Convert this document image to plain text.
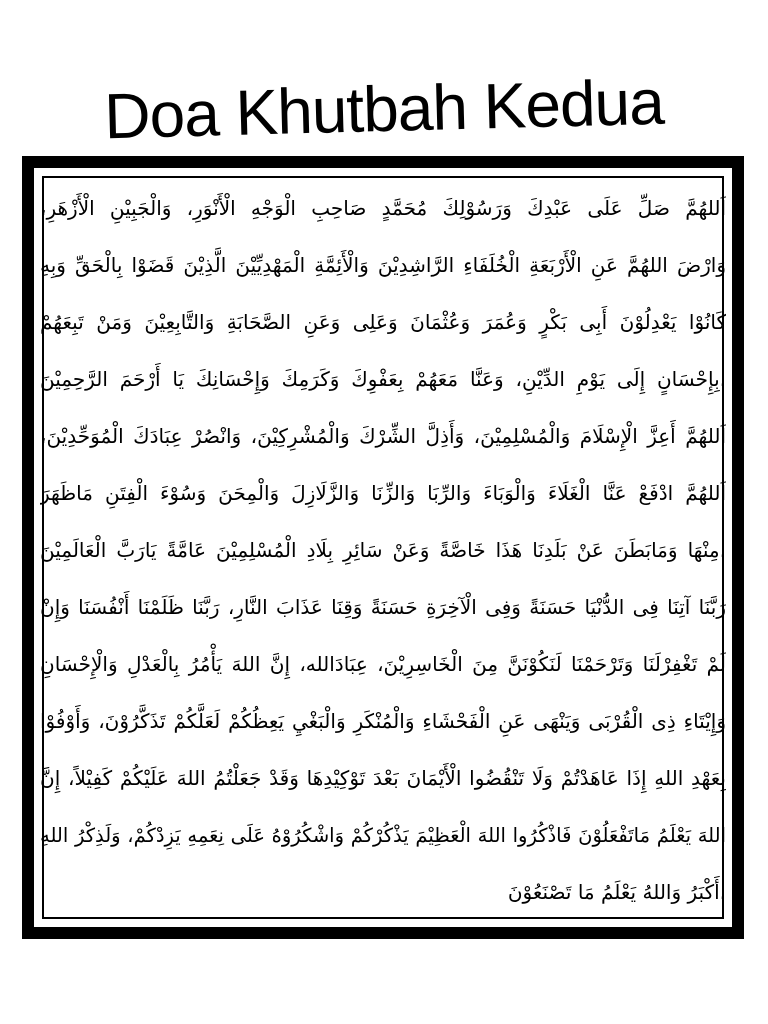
Doa Khutbah Kedua
اَللهُمَّ صَلِّ عَلَى عَبْدِكَ وَرَسُوْلِكَ مُحَمَّدٍ صَاحِبِ الْوَجْهِ الْأَنْوَرِ، وَالْجَبِيْنِ الْأَزْهَرِ،
وَارْضَ اللهُمَّ عَنِ الْأَرْبَعَةِ الْخُلَفَاءِ الرَّاشِدِيْنَ وَالْأَئِمَّةِ الْمَهْدِيِّيْنَ الَّذِيْنَ قَضَوْا بِالْحَقِّ وَبِهِ
كَانُوْا يَعْدِلُوْنَ أَبِى بَكْرٍ وَعُمَرَ وَعُثْمَانَ وَعَلِى وَعَنِ الصَّحَابَةِ وَالتَّابِعِيْنَ وَمَنْ تَبِعَهُمْ
.بِإِحْسَانٍ إِلَى يَوْمِ الدِّيْنِ، وَعَنَّا مَعَهُمْ بِعَفْوِكَ وَكَرَمِكَ وَإِحْسَانِكَ يَا أَرْحَمَ الرَّحِمِيْنَ
اَللهُمَّ أَعِزَّ الْإِسْلَامَ وَالْمُسْلِمِيْنَ، وَأَذِلَّ الشِّرْكَ وَالْمُشْرِكِيْنَ، وَانْصُرْ عِبَادَكَ الْمُوَحِّدِيْنَ،
اَللهُمَّ ادْفَعْ عَنَّا الْغَلَاءَ وَالْوَبَاءَ وَالرِّبَا وَالزِّنَا وَالزَّلَازِلَ وَالْمِحَنَ وَسُوْءَ الْفِتَنِ مَاظَهَرَ
.مِنْهَا وَمَابَطَنَ عَنْ بَلَدِنَا هَذَا خَاصَّةً وَعَنْ سَائِرِ بِلَادِ الْمُسْلِمِيْنَ عَامَّةً يَارَبَّ الْعَالَمِيْنَ
رَبَّنَا آتِنَا فِى الدُّنْيَا حَسَنَةً وَفِى الْآخِرَةِ حَسَنَةً وَقِنَا عَذَابَ النَّارِ، رَبَّنَا ظَلَمْنَا أَنْفُسَنَا وَإِنْ
لَمْ تَغْفِرْلَنَا وَتَرْحَمْنَا لَنَكُوْنَنَّ مِنَ الْخَاسِرِيْنَ، عِبَادَالله، إِنَّ اللهَ يَأْمُرُ بِالْعَدْلِ وَالْإِحْسَانِ
وَإِيْتَاءِ ذِى الْقُرْبَى وَيَنْهَى عَنِ الْفَحْشَاءِ وَالْمُنْكَرِ وَالْبَغْيِ يَعِظُكُمْ لَعَلَّكُمْ تَذَكَّرُوْنَ، وَأَوْفُوْا
بِعَهْدِ اللهِ إِذَا عَاهَدْتُمْ وَلَا تَنْقُضُوا الْأَيْمَانَ بَعْدَ تَوْكِيْدِهَا وَقَدْ جَعَلْتُمُ اللهَ عَلَيْكُمْ كَفِيْلاً، إِنَّ
اللهَ يَعْلَمُ مَاتَفْعَلُوْنَ فَاذْكُرُوا اللهَ الْعَظِيْمَ يَذْكُرْكُمْ وَاشْكُرُوْهُ عَلَى نِعَمِهِ يَزِدْكُمْ، وَلَذِكْرُ اللهِ
.أَكْبَرُ وَاللهُ يَعْلَمُ مَا تَصْنَعُوْنَ
